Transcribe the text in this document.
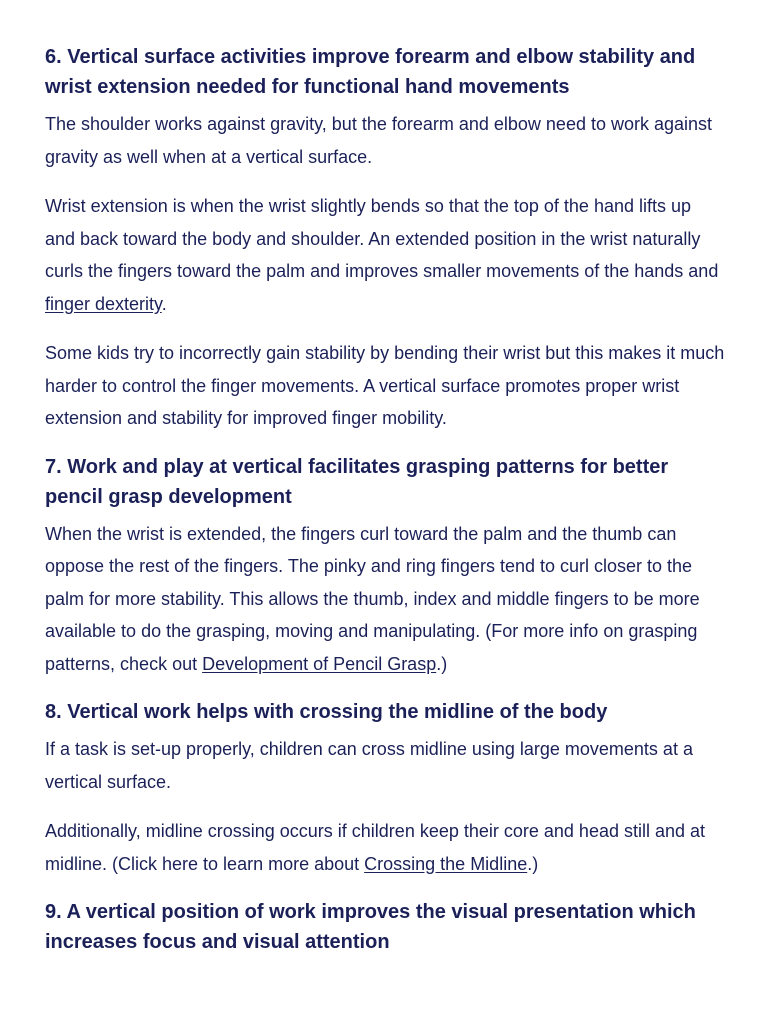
6. Vertical surface activities improve forearm and elbow stability and wrist extension needed for functional hand movements

The shoulder works against gravity, but the forearm and elbow need to work against gravity as well when at a vertical surface.

Wrist extension is when the wrist slightly bends so that the top of the hand lifts up and back toward the body and shoulder. An extended position in the wrist naturally curls the fingers toward the palm and improves smaller movements of the hands and finger dexterity.

Some kids try to incorrectly gain stability by bending their wrist but this makes it much harder to control the finger movements. A vertical surface promotes proper wrist extension and stability for improved finger mobility.

7. Work and play at vertical facilitates grasping patterns for better pencil grasp development

When the wrist is extended, the fingers curl toward the palm and the thumb can oppose the rest of the fingers. The pinky and ring fingers tend to curl closer to the palm for more stability. This allows the thumb, index and middle fingers to be more available to do the grasping, moving and manipulating. (For more info on grasping patterns, check out Development of Pencil Grasp.)

8. Vertical work helps with crossing the midline of the body

If a task is set-up properly, children can cross midline using large movements at a vertical surface.

Additionally, midline crossing occurs if children keep their core and head still and at midline. (Click here to learn more about Crossing the Midline.)

9. A vertical position of work improves the visual presentation which increases focus and visual attention
